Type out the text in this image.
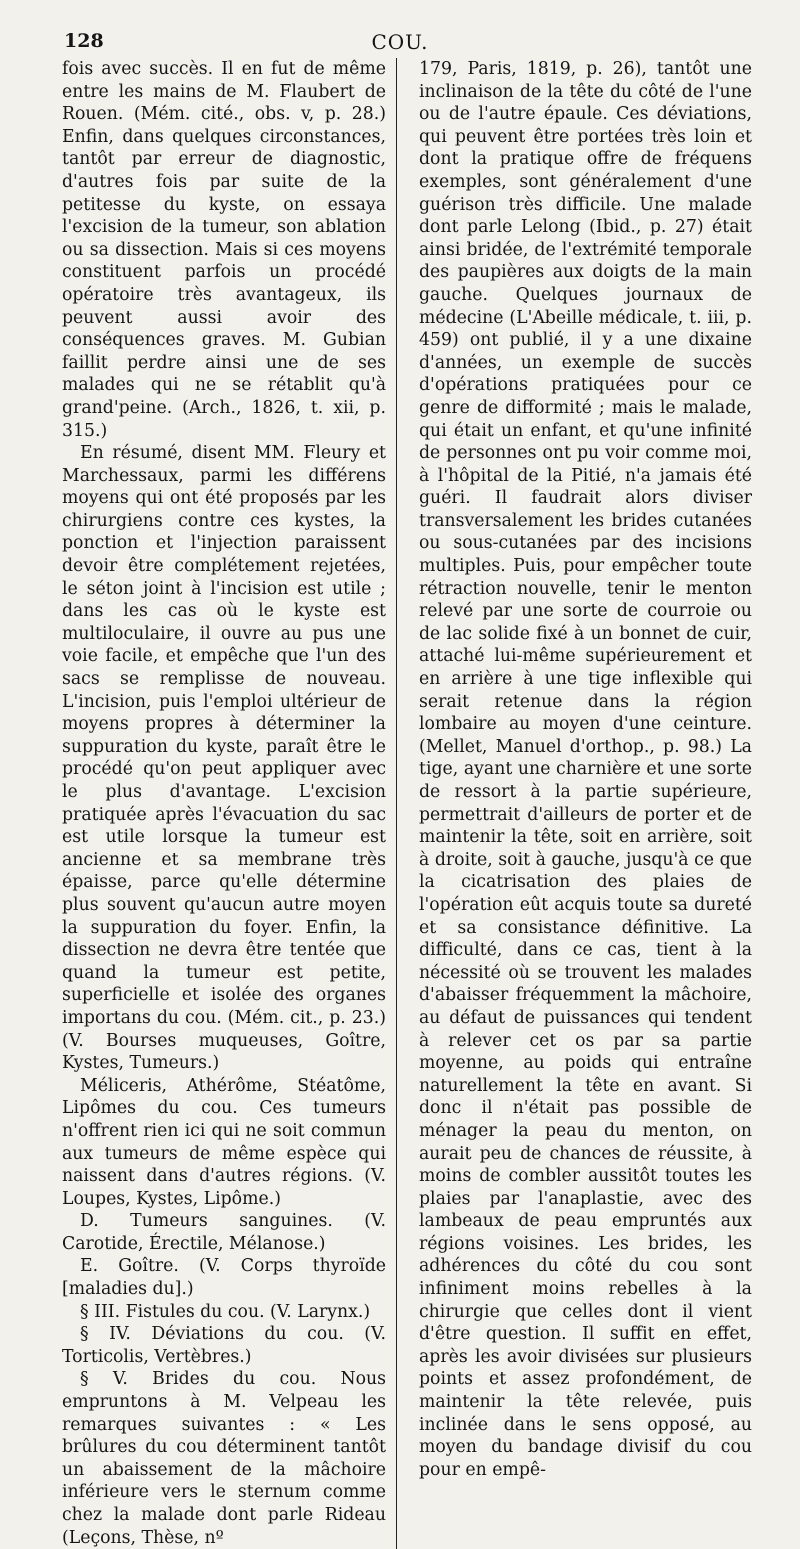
128	COU.

fois avec succès. Il en fut de même entre les mains de M. Flaubert de Rouen. (Mém. cité., obs. v, p. 28.) Enfin, dans quelques circonstances, tantôt par erreur de diagnostic, d'autres fois par suite de la petitesse du kyste, on essaya l'excision de la tumeur, son ablation ou sa dissection. Mais si ces moyens constituent parfois un procédé opératoire très avantageux, ils peuvent aussi avoir des conséquences graves. M. Gubian faillit perdre ainsi une de ses malades qui ne se rétablit qu'à grand'peine. (Arch., 1826, t. xii, p. 315.)

En résumé, disent MM. Fleury et Marchessaux, parmi les différens moyens qui ont été proposés par les chirurgiens contre ces kystes, la ponction et l'injection paraissent devoir être complétement rejetées, le séton joint à l'incision est utile ; dans les cas où le kyste est multiloculaire, il ouvre au pus une voie facile, et empêche que l'un des sacs se remplisse de nouveau. L'incision, puis l'emploi ultérieur de moyens propres à déterminer la suppuration du kyste, paraît être le procédé qu'on peut appliquer avec le plus d'avantage. L'excision pratiquée après l'évacuation du sac est utile lorsque la tumeur est ancienne et sa membrane très épaisse, parce qu'elle détermine plus souvent qu'aucun autre moyen la suppuration du foyer. Enfin, la dissection ne devra être tentée que quand la tumeur est petite, superficielle et isolée des organes importans du cou. (Mém. cit., p. 23.) (V. Bourses muqueuses, Goître, Kystes, Tumeurs.)

Méliceris, Athérôme, Stéatôme, Lipômes du cou. Ces tumeurs n'offrent rien ici qui ne soit commun aux tumeurs de même espèce qui naissent dans d'autres régions. (V. Loupes, Kystes, Lipôme.)

D. Tumeurs sanguines. (V. Carotide, Érectile, Mélanose.)

E. Goître. (V. Corps thyroïde [maladies du].)

§ III. Fistules du cou. (V. Larynx.)

§ IV. Déviations du cou. (V. Torticolis, Vertèbres.)

§ V. Brides du cou. Nous empruntons à M. Velpeau les remarques suivantes : « Les brûlures du cou déterminent tantôt un abaissement de la mâchoire inférieure vers le sternum comme chez la malade dont parle Rideau (Leçons, Thèse, nº

179, Paris, 1819, p. 26), tantôt une inclinaison de la tête du côté de l'une ou de l'autre épaule. Ces déviations, qui peuvent être portées très loin et dont la pratique offre de fréquens exemples, sont généralement d'une guérison très difficile. Une malade dont parle Lelong (Ibid., p. 27) était ainsi bridée, de l'extrémité temporale des paupières aux doigts de la main gauche. Quelques journaux de médecine (L'Abeille médicale, t. iii, p. 459) ont publié, il y a une dixaine d'années, un exemple de succès d'opérations pratiquées pour ce genre de difformité ; mais le malade, qui était un enfant, et qu'une infinité de personnes ont pu voir comme moi, à l'hôpital de la Pitié, n'a jamais été guéri. Il faudrait alors diviser transversalement les brides cutanées ou sous-cutanées par des incisions multiples. Puis, pour empêcher toute rétraction nouvelle, tenir le menton relevé par une sorte de courroie ou de lac solide fixé à un bonnet de cuir, attaché lui-même supérieurement et en arrière à une tige inflexible qui serait retenue dans la région lombaire au moyen d'une ceinture. (Mellet, Manuel d'orthop., p. 98.) La tige, ayant une charnière et une sorte de ressort à la partie supérieure, permettrait d'ailleurs de porter et de maintenir la tête, soit en arrière, soit à droite, soit à gauche, jusqu'à ce que la cicatrisation des plaies de l'opération eût acquis toute sa dureté et sa consistance définitive. La difficulté, dans ce cas, tient à la nécessité où se trouvent les malades d'abaisser fréquemment la mâchoire, au défaut de puissances qui tendent à relever cet os par sa partie moyenne, au poids qui entraîne naturellement la tête en avant. Si donc il n'était pas possible de ménager la peau du menton, on aurait peu de chances de réussite, à moins de combler aussitôt toutes les plaies par l'anaplastie, avec des lambeaux de peau empruntés aux régions voisines. Les brides, les adhérences du côté du cou sont infiniment moins rebelles à la chirurgie que celles dont il vient d'être question. Il suffit en effet, après les avoir divisées sur plusieurs points et assez profondément, de maintenir la tête relevée, puis inclinée dans le sens opposé, au moyen du bandage divisif du cou pour en empê-
